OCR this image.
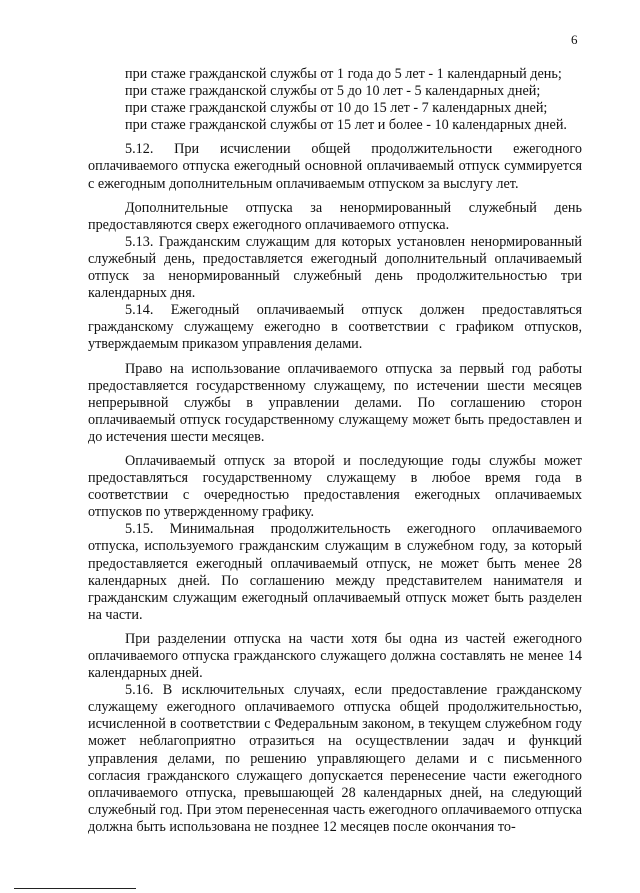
6

при стаже гражданской службы от 1 года до 5 лет - 1 календарный день;

при стаже гражданской службы от 5 до 10 лет - 5 календарных дней;

при стаже гражданской службы от 10 до 15 лет - 7 календарных дней;

при стаже гражданской службы от 15 лет и более - 10 календарных дней.

5.12. При исчислении общей продолжительности ежегодного оплачиваемого отпуска ежегодный основной оплачиваемый отпуск суммируется с ежегодным дополнительным оплачиваемым отпуском за выслугу лет.

Дополнительные отпуска за ненормированный служебный день предоставляются сверх ежегодного оплачиваемого отпуска.

5.13. Гражданским служащим для которых установлен ненормированный служебный день, предоставляется ежегодный дополнительный оплачиваемый отпуск за ненормированный служебный день продолжительностью три календарных дня.

5.14. Ежегодный оплачиваемый отпуск должен предоставляться гражданскому служащему ежегодно в соответствии с графиком отпусков, утверждаемым приказом управления делами.

Право на использование оплачиваемого отпуска за первый год работы предоставляется государственному служащему, по истечении шести месяцев непрерывной службы в управлении делами. По соглашению сторон оплачиваемый отпуск государственному служащему может быть предоставлен и до истечения шести месяцев.

Оплачиваемый отпуск за второй и последующие годы службы может предоставляться государственному служащему в любое время года в соответствии с очередностью предоставления ежегодных оплачиваемых отпусков по утвержденному графику.

5.15. Минимальная продолжительность ежегодного оплачиваемого отпуска, используемого гражданским служащим в служебном году, за который предоставляется ежегодный оплачиваемый отпуск, не может быть менее 28 календарных дней. По соглашению между представителем нанимателя и гражданским служащим ежегодный оплачиваемый отпуск может быть разделен на части.

При разделении отпуска на части хотя бы одна из частей ежегодного оплачиваемого отпуска гражданского служащего должна составлять не менее 14 календарных дней.

5.16. В исключительных случаях, если предоставление гражданскому служащему ежегодного оплачиваемого отпуска общей продолжительностью, исчисленной в соответствии с Федеральным законом, в текущем служебном году может неблагоприятно отразиться на осуществлении задач и функций управления делами, по решению управляющего делами и с письменного согласия гражданского служащего допускается перенесение части ежегодного оплачиваемого отпуска, превышающей 28 календарных дней, на следующий служебный год. При этом перенесенная часть ежегодного оплачиваемого отпуска должна быть использована не позднее 12 месяцев после окончания то-
